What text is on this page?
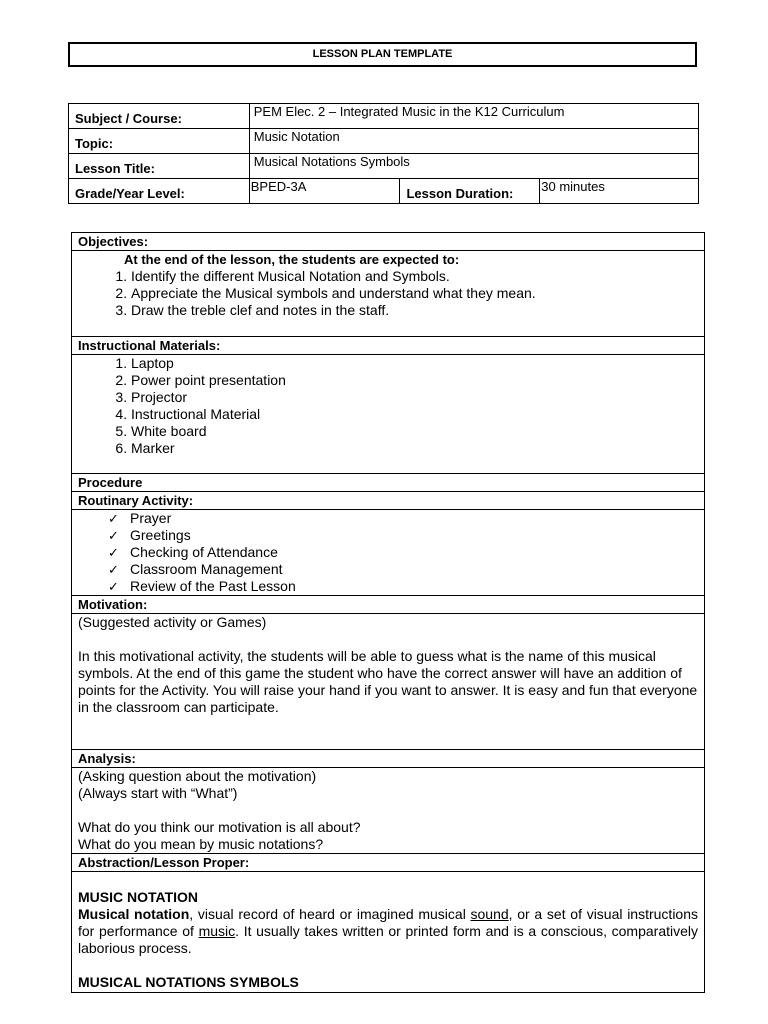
LESSON PLAN TEMPLATE
Subject / Course:	PEM Elec. 2 – Integrated Music in the K12 Curriculum		
Topic:	Music Notation		
Lesson Title:	Musical Notations Symbols		
Grade/Year Level:	BPED-3A	Lesson Duration:	30 minutes
Objectives:
At the end of the lesson, the students are expected to:
1. Identify the different Musical Notation and Symbols.
2. Appreciate the Musical symbols and understand what they mean.
3. Draw the treble clef and notes in the staff.
Instructional Materials:
1. Laptop
2. Power point presentation
3. Projector
4. Instructional Material
5. White board
6. Marker
Procedure
Routinary Activity:
✓ Prayer
✓ Greetings
✓ Checking of Attendance
✓ Classroom Management
✓ Review of the Past Lesson
Motivation:
(Suggested activity or Games)
In this motivational activity, the students will be able to guess what is the name of this musical symbols. At the end of this game the student who have the correct answer will have an addition of points for the Activity. You will raise your hand if you want to answer. It is easy and fun that everyone in the classroom can participate.
Analysis:
(Asking question about the motivation)
(Always start with “What”)
What do you think our motivation is all about?
What do you mean by music notations?
Abstraction/Lesson Proper:
MUSIC NOTATION
Musical notation, visual record of heard or imagined musical sound, or a set of visual instructions for performance of music. It usually takes written or printed form and is a conscious, comparatively laborious process.
MUSICAL NOTATIONS SYMBOLS
